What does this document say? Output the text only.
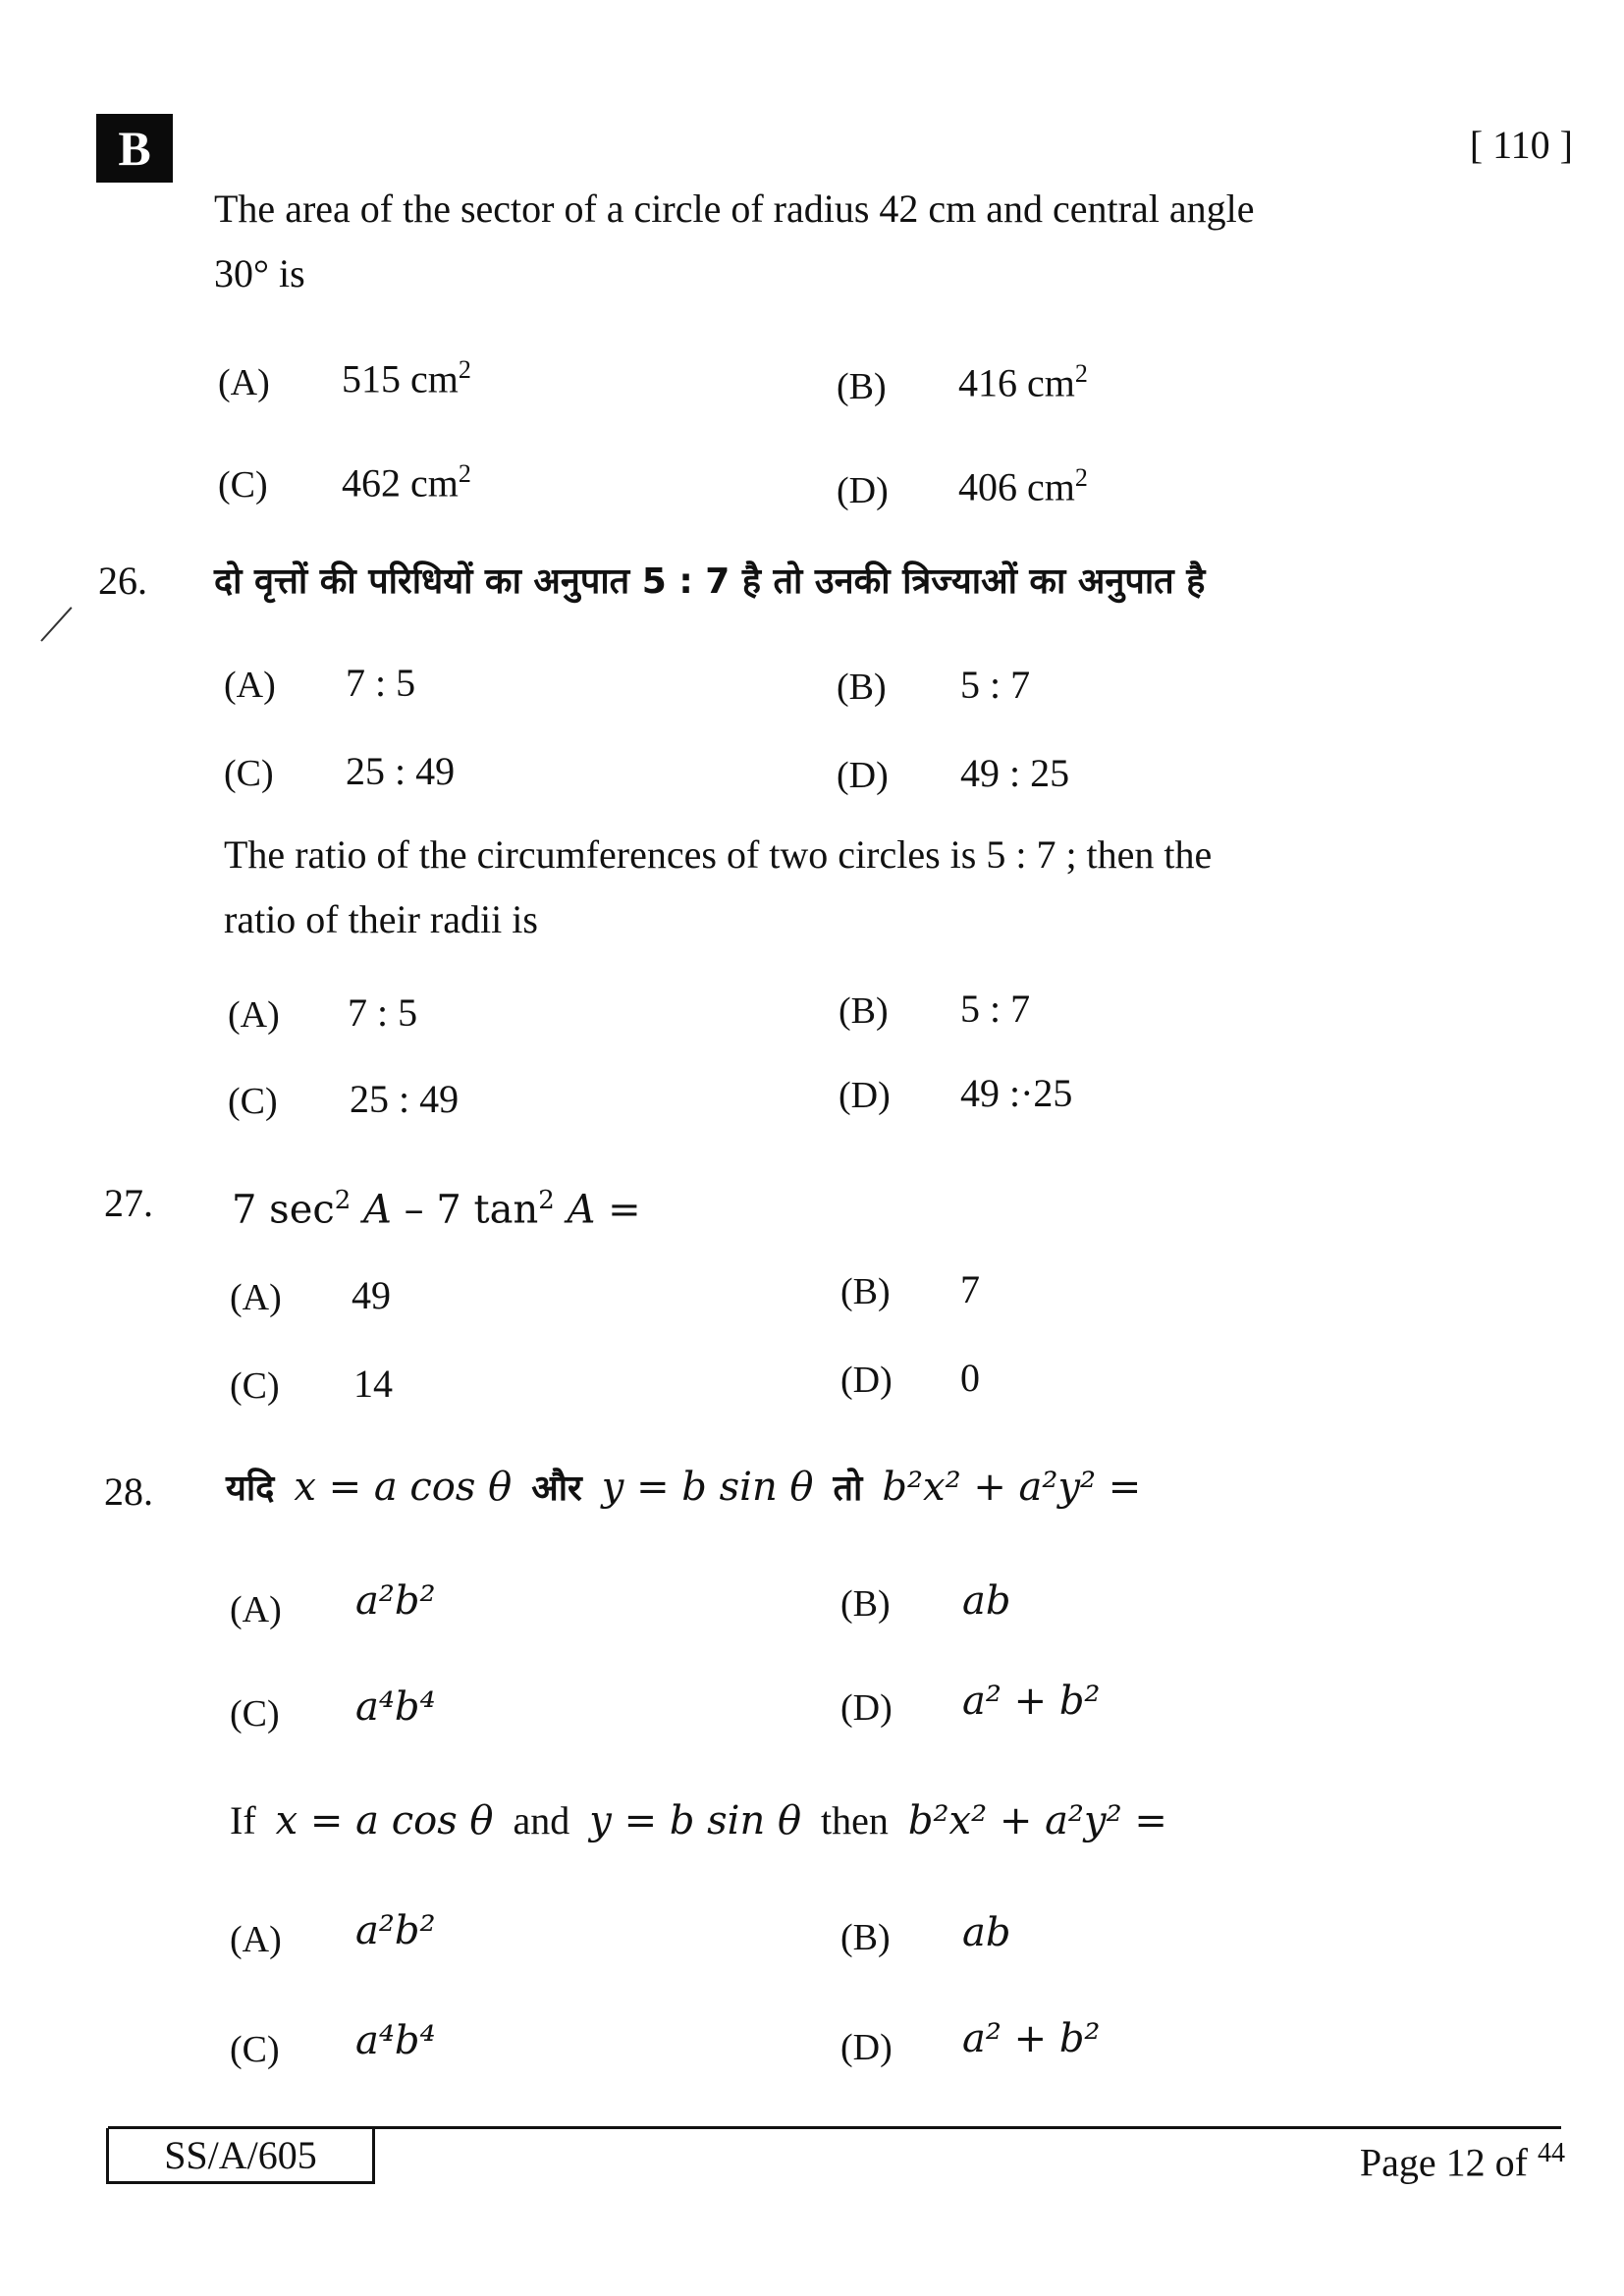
B	[ 110 ]
The area of the sector of a circle of radius 42 cm and central angle
30° is
(A) 515 $cm^2$	(B) 416 $cm^2$
(C) 462 $cm^2$	(D) 406 $cm^2$
26. दो वृत्तों की परिधियों का अनुपात 5 : 7 है तो उनकी त्रिज्याओं का अनुपात है
(A) 7 : 5	(B) 5 : 7
(C) 25 : 49	(D) 49 : 25
The ratio of the circumferences of two circles is 5 : 7 ; then the
ratio of their radii is
(A) 7 : 5	(B) 5 : 7
(C) 25 : 49	(D) 49 :·25
27. 7 $\sec^2 A - 7$ $\tan^2 A$ =
(A) 49	(B) 7
(C) 14	(D) 0
28. यदि x = a cos θ और y = b sin θ तो b²x² + a²y² =
(A) a²b²	(B) ab
(C) a⁴b⁴	(D) a² + b²
If x = a cos θ and y = b sin θ then b²x² + a²y² =
(A) a²b²	(B) ab
(C) a⁴b⁴	(D) a² + b²
SS/A/605	Page 12 of $^{44}$
